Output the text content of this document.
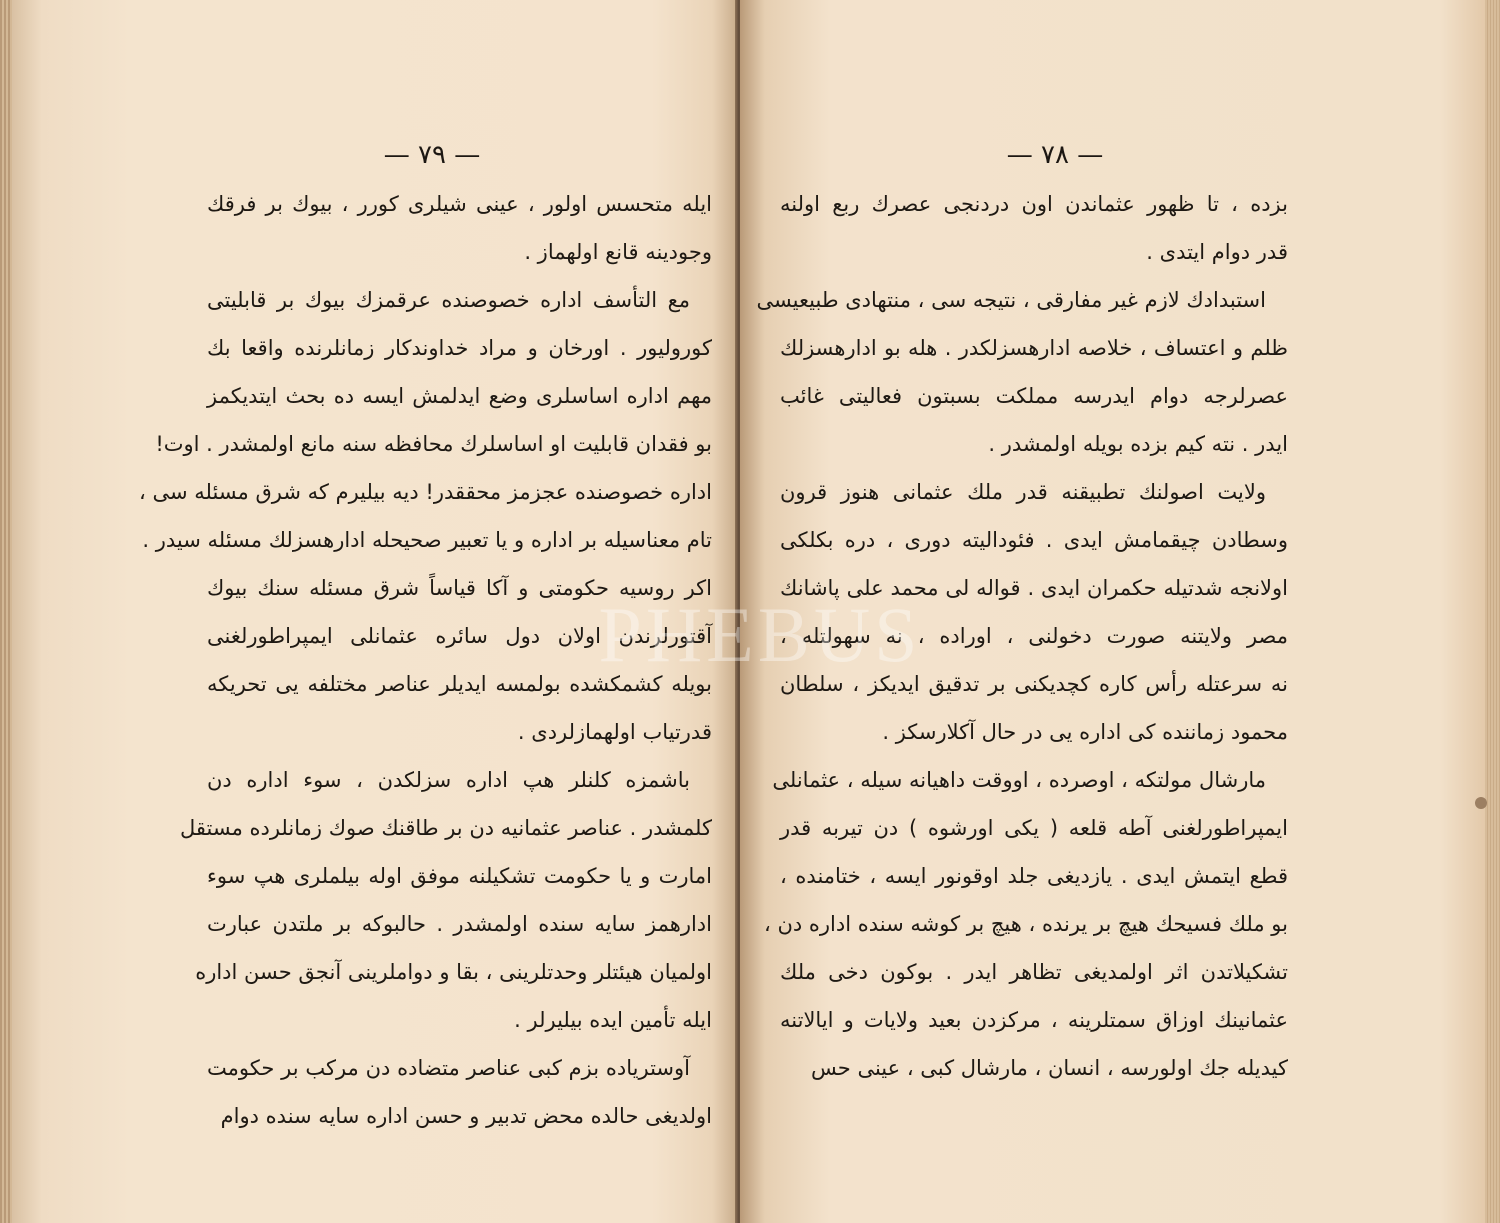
— ٧٩ —
ایله متحسس اولور ، عینی شیلری کورر ، بیوك بر فرقك
وجودینه قانع اولهماز .
مع التأسف اداره خصوصنده عرقمزك بیوك بر قابلیتی
کورولیور . اورخان و مراد خداوندکار زمانلرنده واقعا بك
مهم اداره اساسلری وضع ایدلمش ایسه ده بحث ایتدیکمز
بو فقدان قابلیت او اساسلرك محافظه سنه مانع اولمشدر . اوت!
اداره خصوصنده عجزمز محققدر! دیه بیلیرم که شرق مسئله سی ،
تام معناسیله بر اداره و یا تعبیر صحیحله ادارهسزلك مسئله سیدر .
اکر روسیه حکومتی و آکا قیاساً شرق مسئله سنك بیوك
آقتورلرندن اولان دول سائره عثمانلی ایمپراطورلغنی
بویله کشمکشده بولمسه ایدیلر عناصر مختلفه یی تحریکه
قدرتیاب اولهمازلردی .
باشمزه کلنلر هپ اداره سزلکدن ، سوء اداره دن
کلمشدر . عناصر عثمانیه دن بر طاقنك صوك زمانلرده مستقل
امارت و یا حکومت تشکیلنه موفق اوله بیلملری هپ سوء
ادارهمز سایه سنده اولمشدر . حالبوکه بر ملتدن عبارت
اولمیان هیئتلر وحدتلرینی ، بقا و دواملرینی آنجق حسن اداره
ایله تأمین ایده بیلیرلر .
آوستریاده بزم کبی عناصر متضاده دن مرکب بر حکومت
اولدیغی حالده محض تدبیر و حسن اداره سایه سنده دوام
— ٧٨ —
بزده ، تا ظهور عثماندن اون دردنجی عصرك ربع اولنه
قدر دوام ایتدی .
استبدادك لازم غیر مفارقی ، نتیجه سی ، منتهادی طبیعیسی
ظلم و اعتساف ، خلاصه ادارهسزلکدر . هله بو ادارهسزلك
عصرلرجه دوام ایدرسه مملکت بسبتون فعالیتی غائب
ایدر . نته کیم بزده بویله اولمشدر .
ولایت اصولنك تطبیقنه قدر ملك عثمانی هنوز قرون
وسطادن چیقمامش ایدی . فئودالیته دوری ، دره بکلکی
اولانجه شدتیله حکمران ایدی . قواله لی محمد علی پاشانك
مصر ولایتنه صورت دخولنی ، اوراده ، نه سهولتله ،
نه سرعتله رأس کاره کچدیکنی بر تدقیق ایدیکز ، سلطان
محمود زماننده کی اداره یی در حال آکلارسکز .
مارشال مولتکه ، اوصرده ، اووقت داهیانه سیله ، عثمانلی
ایمپراطورلغنی آطه قلعه ( یکی اورشوه ) دن تیربه قدر
قطع ایتمش ایدی . یازدیغی جلد اوقونور ایسه ، ختامنده ،
بو ملك فسیحك هیچ بر یرنده ، هیچ بر کوشه سنده اداره دن ،
تشکیلاتدن اثر اولمدیغی تظاهر ایدر . بوکون دخی ملك
عثمانینك اوزاق سمتلرینه ، مرکزدن بعید ولایات و ایالاتنه
کیدیله جك اولورسه ، انسان ، مارشال کبی ، عینی حس
PHEBUS
